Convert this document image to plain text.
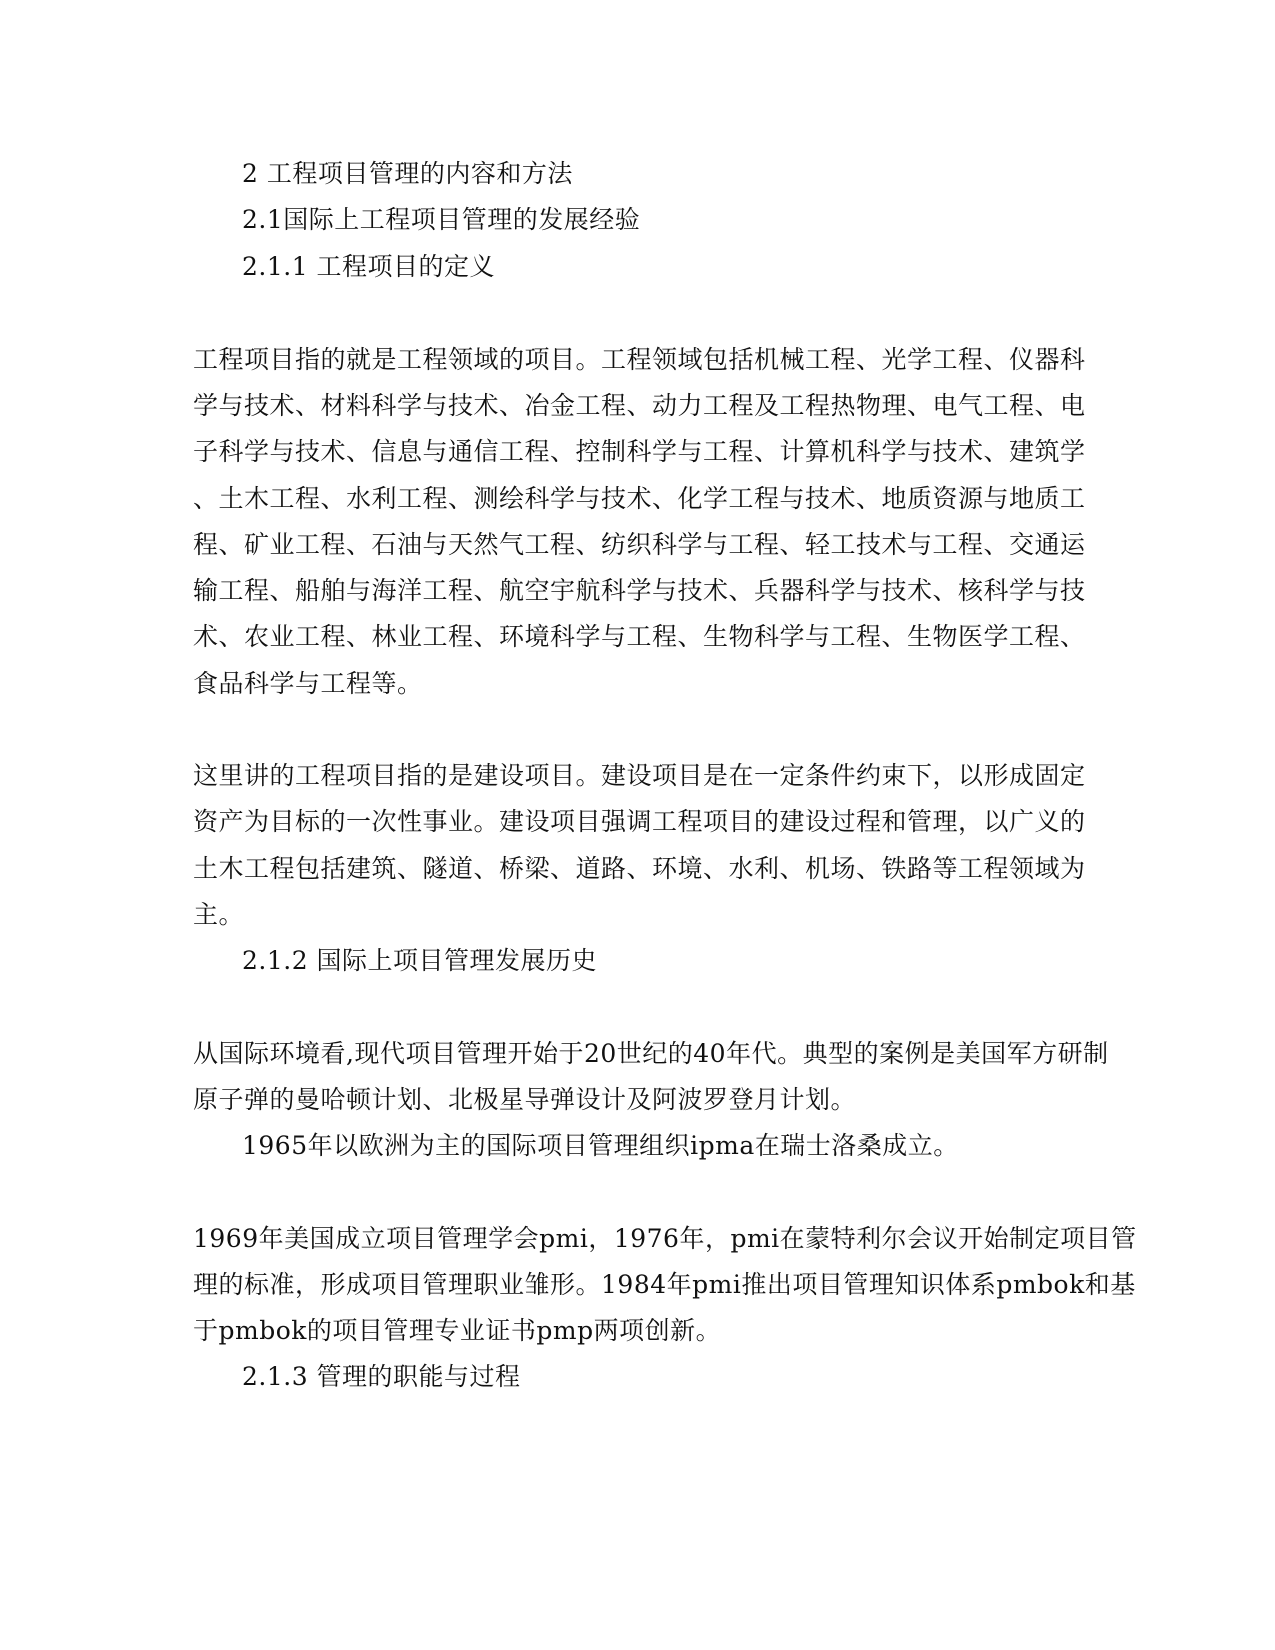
2 工程项目管理的内容和方法
2.1国际上工程项目管理的发展经验
2.1.1 工程项目的定义
工程项目指的就是工程领域的项目。工程领域包括机械工程、光学工程、仪器科
学与技术、材料科学与技术、冶金工程、动力工程及工程热物理、电气工程、电
子科学与技术、信息与通信工程、控制科学与工程、计算机科学与技术、建筑学
、土木工程、水利工程、测绘科学与技术、化学工程与技术、地质资源与地质工
程、矿业工程、石油与天然气工程、纺织科学与工程、轻工技术与工程、交通运
输工程、船舶与海洋工程、航空宇航科学与技术、兵器科学与技术、核科学与技
术、农业工程、林业工程、环境科学与工程、生物科学与工程、生物医学工程、
食品科学与工程等。
这里讲的工程项目指的是建设项目。建设项目是在一定条件约束下，以形成固定
资产为目标的一次性事业。建设项目强调工程项目的建设过程和管理，以广义的
土木工程包括建筑、隧道、桥梁、道路、环境、水利、机场、铁路等工程领域为
主。
2.1.2 国际上项目管理发展历史
从国际环境看,现代项目管理开始于20世纪的40年代。典型的案例是美国军方研制
原子弹的曼哈顿计划、北极星导弹设计及阿波罗登月计划。
1965年以欧洲为主的国际项目管理组织ipma在瑞士洛桑成立。
1969年美国成立项目管理学会pmi，1976年，pmi在蒙特利尔会议开始制定项目管
理的标准，形成项目管理职业雏形。1984年pmi推出项目管理知识体系pmbok和基
于pmbok的项目管理专业证书pmp两项创新。
2.1.3 管理的职能与过程
